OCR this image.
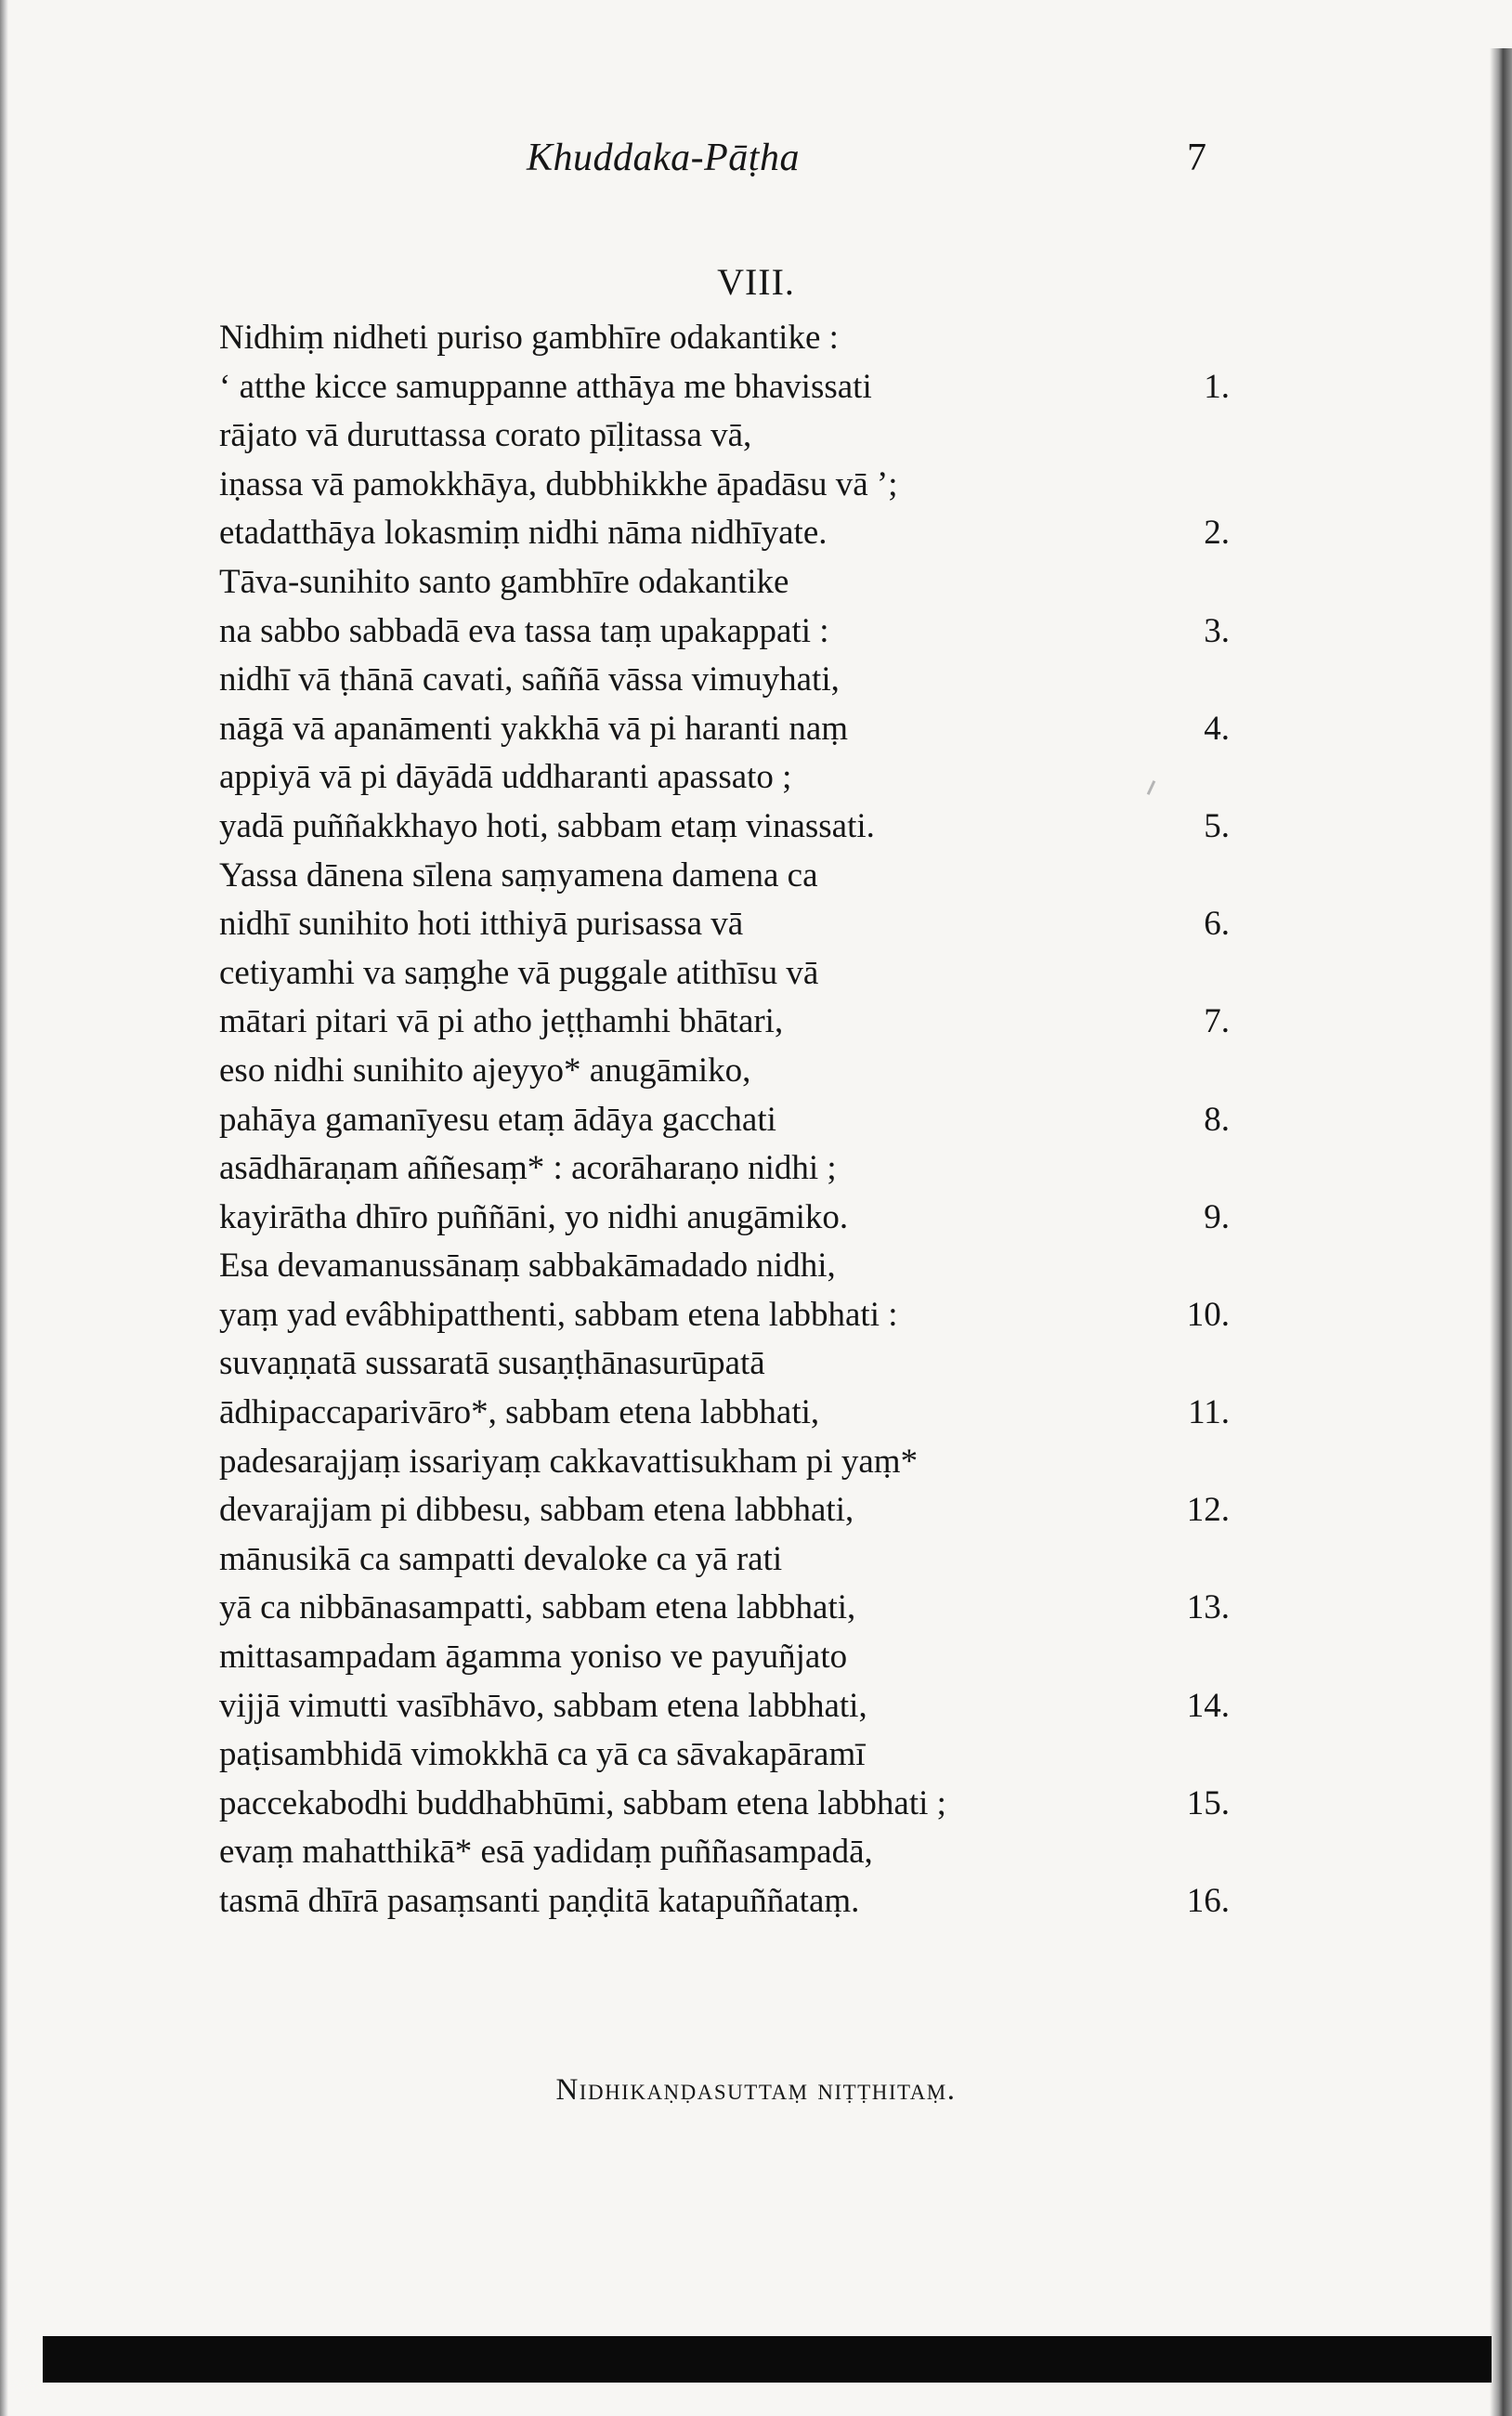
Khuddaka-Pāṭha	7
VIII.
Nidhiṃ nidheti puriso gambhīre odakantike :
‘ atthe kicce samuppanne atthāya me bhavissati	1.
rājato vā duruttassa corato pīḷitassa vā,
iṇassa vā pamokkhāya, dubbhikkhe āpadāsu vā ’;
etadatthāya lokasmiṃ nidhi nāma nidhīyate.	2.
Tāva-sunihito santo gambhīre odakantike
na sabbo sabbadā eva tassa taṃ upakappati :	3.
nidhī vā ṭhānā cavati, saññā vāssa vimuyhati,
nāgā vā apanāmenti yakkhā vā pi haranti naṃ	4.
appiyā vā pi dāyādā uddharanti apassato ;
yadā puññakkhayo hoti, sabbam etaṃ vinassati.	5.
Yassa dānena sīlena saṃyamena damena ca
nidhī sunihito hoti itthiyā purisassa vā	6.
cetiyamhi va saṃghe vā puggale atithīsu vā
mātari pitari vā pi atho jeṭṭhamhi bhātari,	7.
eso nidhi sunihito ajeyyo* anugāmiko,
pahāya gamanīyesu etaṃ ādāya gacchati	8.
asādhāraṇam aññesaṃ* : acorāharaṇo nidhi ;
kayirātha dhīro puññāni, yo nidhi anugāmiko.	9.
Esa devamanussānaṃ sabbakāmadado nidhi,
yaṃ yad evâbhipatthenti, sabbam etena labbhati :	10.
suvaṇṇatā sussaratā susaṇṭhānasurūpatā
ādhipaccaparivāro*, sabbam etena labbhati,	11.
padesarajjaṃ issariyaṃ cakkavattisukham pi yaṃ*
devarajjam pi dibbesu, sabbam etena labbhati,	12.
mānusikā ca sampatti devaloke ca yā rati
yā ca nibbānasampatti, sabbam etena labbhati,	13.
mittasampadam āgamma yoniso ve payuñjato
vijjā vimutti vasībhāvo, sabbam etena labbhati,	14.
paṭisambhidā vimokkhā ca yā ca sāvakapāramī
paccekabodhi buddhabhūmi, sabbam etena labbhati ;	15.
evaṃ mahatthikā* esā yadidaṃ puññasampadā,
tasmā dhīrā pasaṃsanti paṇḍitā katapuññataṃ.	16.
Nidhikaṇḍasuttaṃ niṭṭhitaṃ.
